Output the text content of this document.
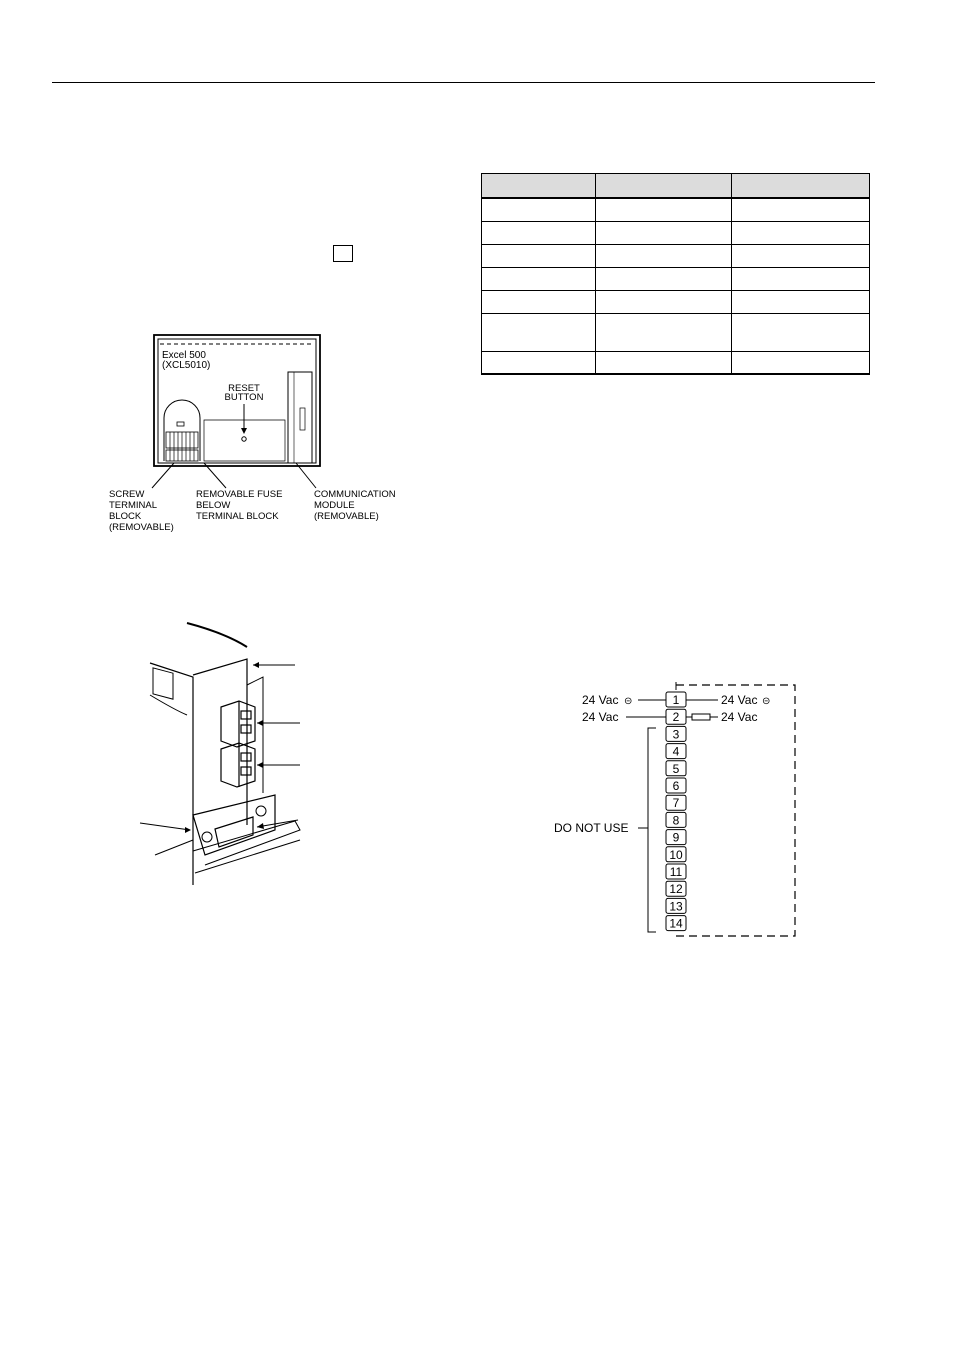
Excel 500
(XCL5010)
RESET
BUTTON
SCREW TERMINAL BLOCK (REMOVABLE)
REMOVABLE FUSE BELOW TERMINAL BLOCK
COMMUNICATION MODULE (REMOVABLE)
24 Vac ⊝
24 Vac
24 Vac ⊝
24 Vac
DO NOT USE
1
2
3
4
5
6
7
8
9
10
11
12
13
14
